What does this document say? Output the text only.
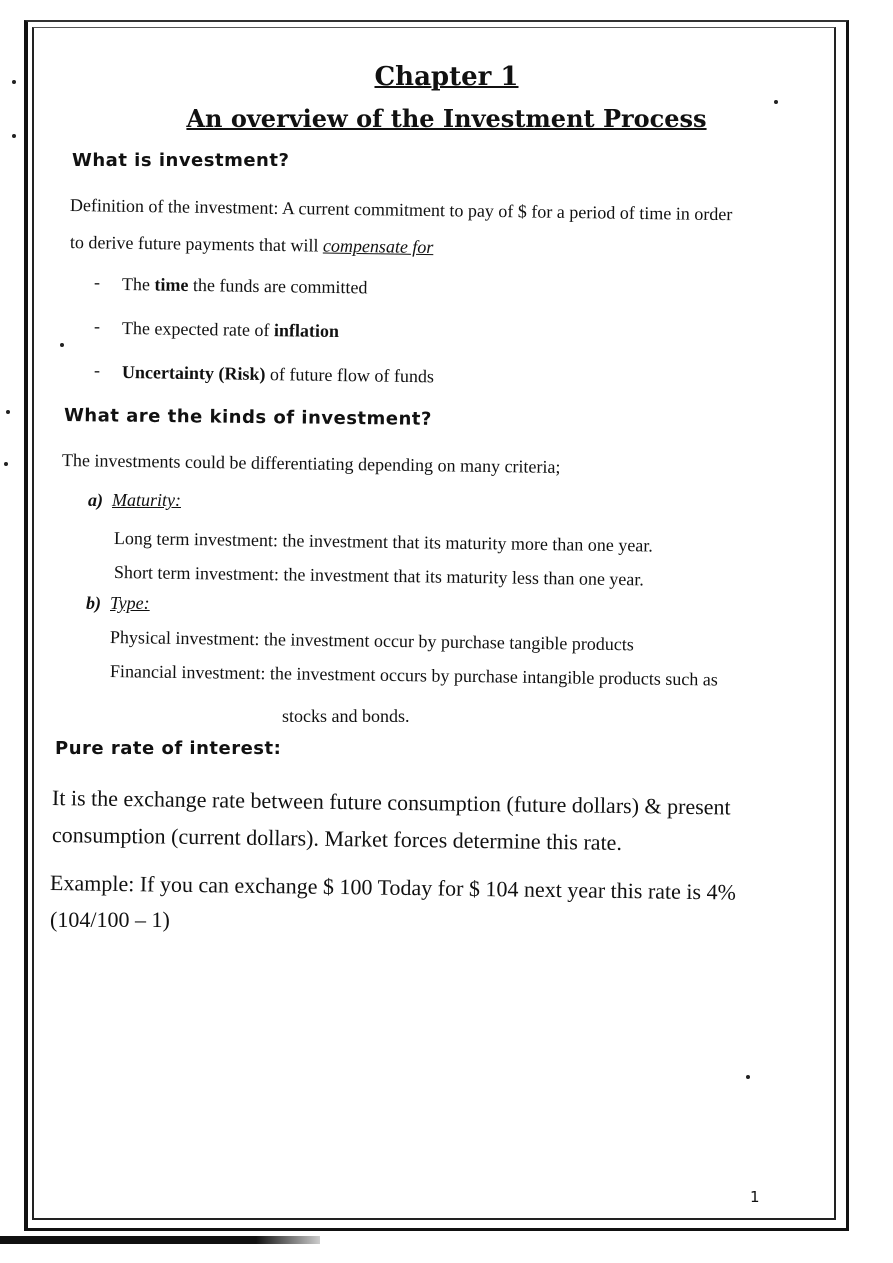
Chapter 1
An overview of the Investment Process
What is investment?
Definition of the investment: A current commitment to pay of $ for a period of time in order
to derive future payments that will compensate for
- The time the funds are committed
- The expected rate of inflation
- Uncertainty (Risk) of future flow of funds
What are the kinds of investment?
The investments could be differentiating depending on many criteria;
a) Maturity:
Long term investment: the investment that its maturity more than one year.
Short term investment: the investment that its maturity less than one year.
b) Type:
Physical investment: the investment occur by purchase tangible products
Financial investment: the investment occurs by purchase intangible products such as
stocks and bonds.
Pure rate of interest:
It is the exchange rate between future consumption (future dollars) & present
consumption (current dollars). Market forces determine this rate.
Example: If you can exchange $ 100 Today for $ 104 next year this rate is 4%
(104/100 – 1)
1
